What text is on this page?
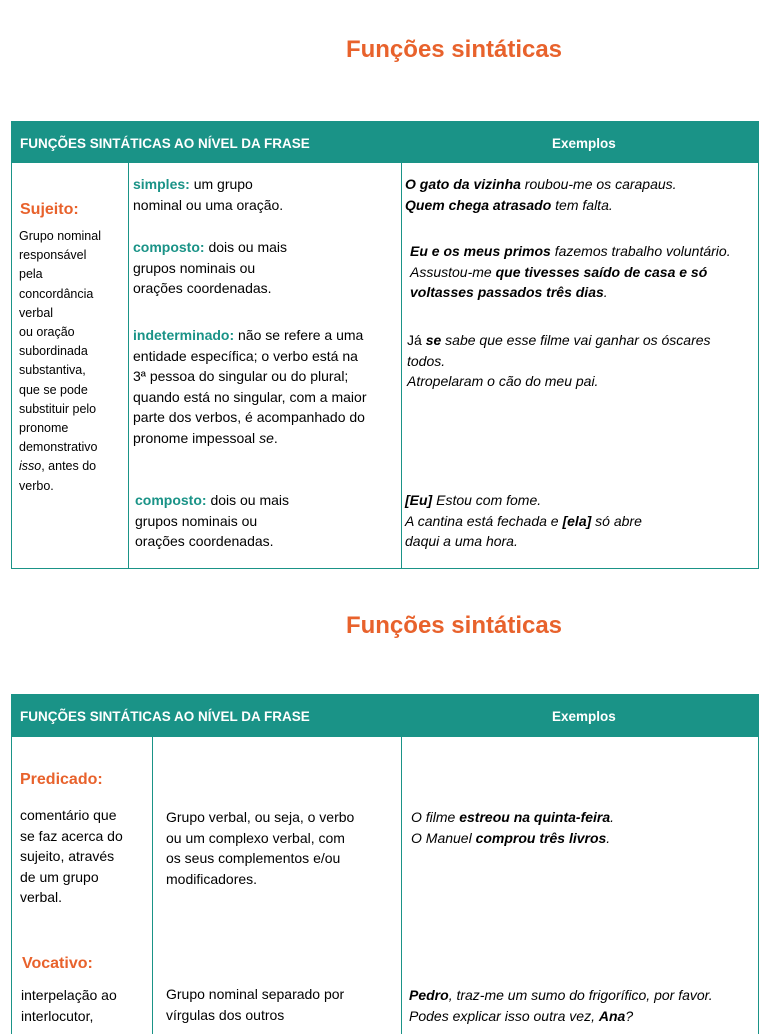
Funções sintáticas
FUNÇÕES SINTÁTICAS AO NÍVEL DA FRASE	Exemplos
Sujeito:
Grupo nominal
responsável
pela
concordância
verbal
ou oração
subordinada
substantiva,
que se pode
substituir pelo
pronome
demonstrativo
isso, antes do
verbo.
simples: um grupo
nominal ou uma oração.
composto: dois ou mais
grupos nominais ou
orações coordenadas.
indeterminado: não se refere a uma
entidade específica; o verbo está na
3ª pessoa do singular ou do plural;
quando está no singular, com a maior
parte dos verbos, é acompanhado do
pronome impessoal se.
composto: dois ou mais
grupos nominais ou
orações coordenadas.
O gato da vizinha roubou-me os carapaus.
Quem chega atrasado tem falta.
Eu e os meus primos fazemos trabalho voluntário.
Assustou-me que tivesses saído de casa e só
voltasses passados três dias.
Já se sabe que esse filme vai ganhar os óscares
todos.
Atropelaram o cão do meu pai.
[Eu] Estou com fome.
A cantina está fechada e [ela] só abre
daqui a uma hora.
Funções sintáticas
FUNÇÕES SINTÁTICAS AO NÍVEL DA FRASE	Exemplos
Predicado:
comentário que
se faz acerca do
sujeito, através
de um grupo
verbal.
Grupo verbal, ou seja, o verbo
ou um complexo verbal, com
os seus complementos e/ou
modificadores.
O filme estreou na quinta-feira.
O Manuel comprou três livros.
Vocativo:
interpelação ao
interlocutor,
Grupo nominal separado por
vírgulas dos outros
Pedro, traz-me um sumo do frigorífico, por favor.
Podes explicar isso outra vez, Ana?
